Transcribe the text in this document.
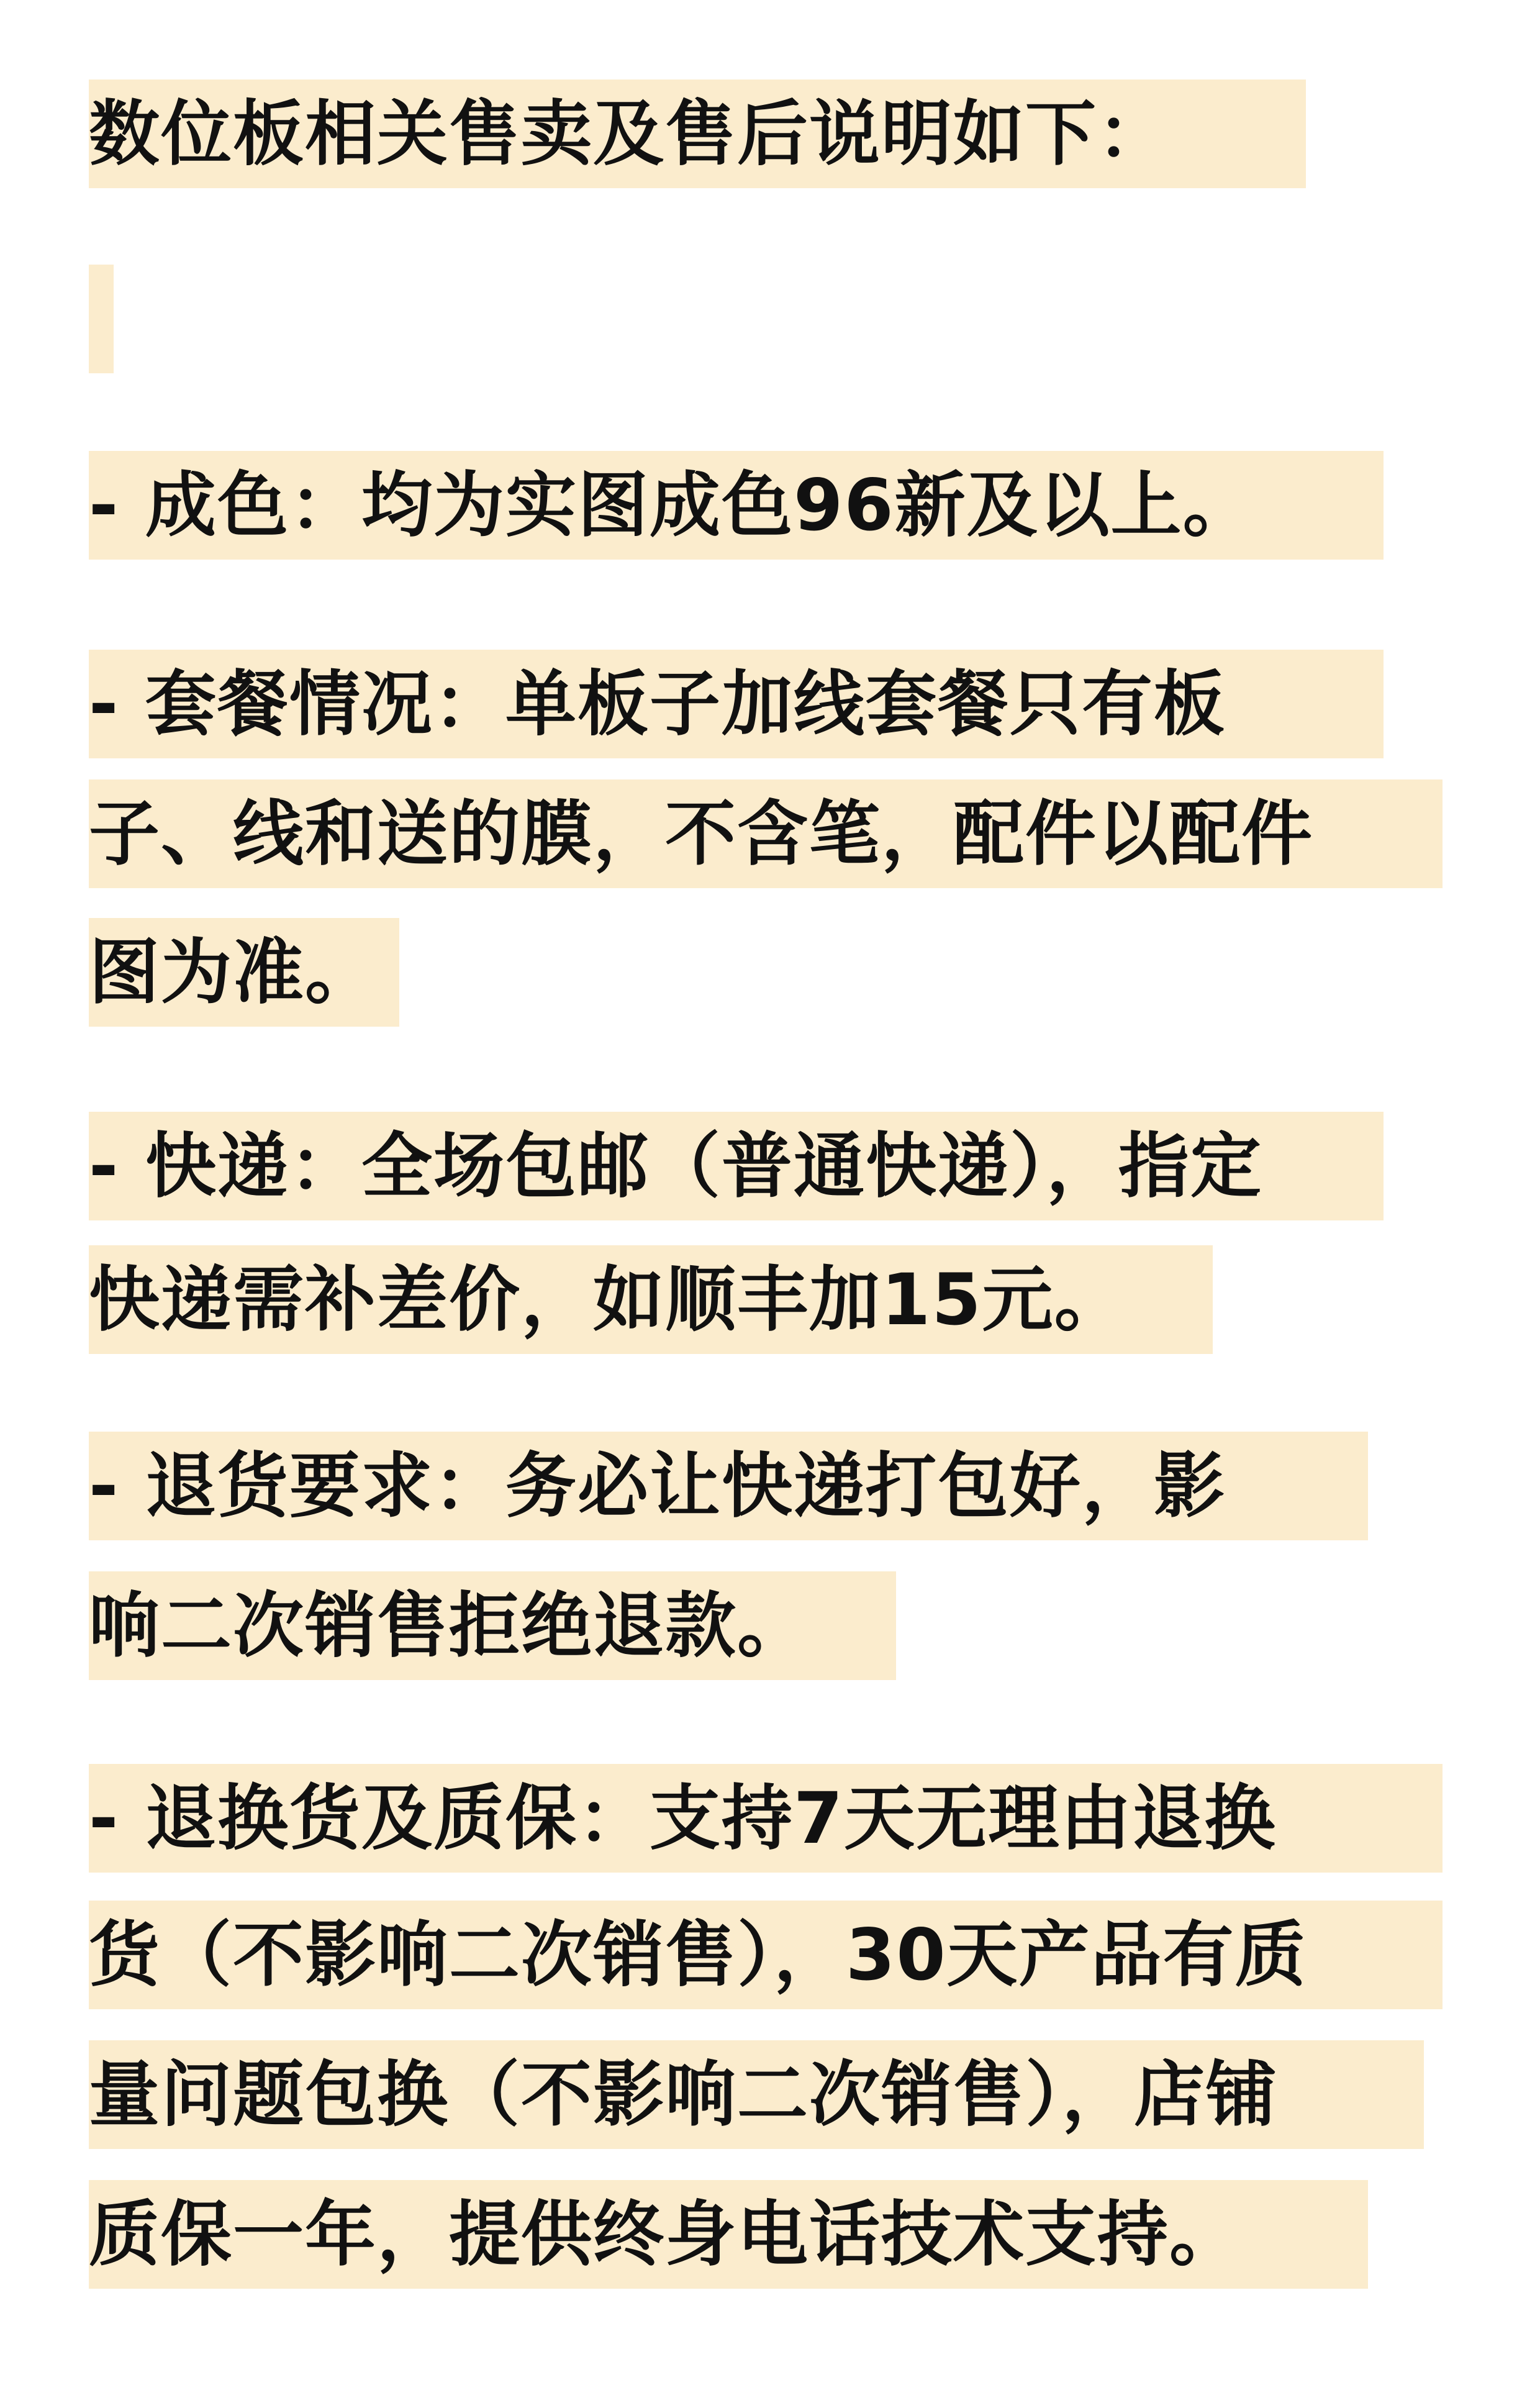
数位板相关售卖及售后说明如下：
- 成色：均为实图成色96新及以上。
- 套餐情况：单板子加线套餐只有板
子、线和送的膜，不含笔，配件以配件
图为准。
- 快递：全场包邮（普通快递），指定
快递需补差价，如顺丰加15元。
- 退货要求：务必让快递打包好，影
响二次销售拒绝退款。
- 退换货及质保：支持7天无理由退换
货（不影响二次销售），30天产品有质
量问题包换（不影响二次销售），店铺
质保一年，提供终身电话技术支持。
